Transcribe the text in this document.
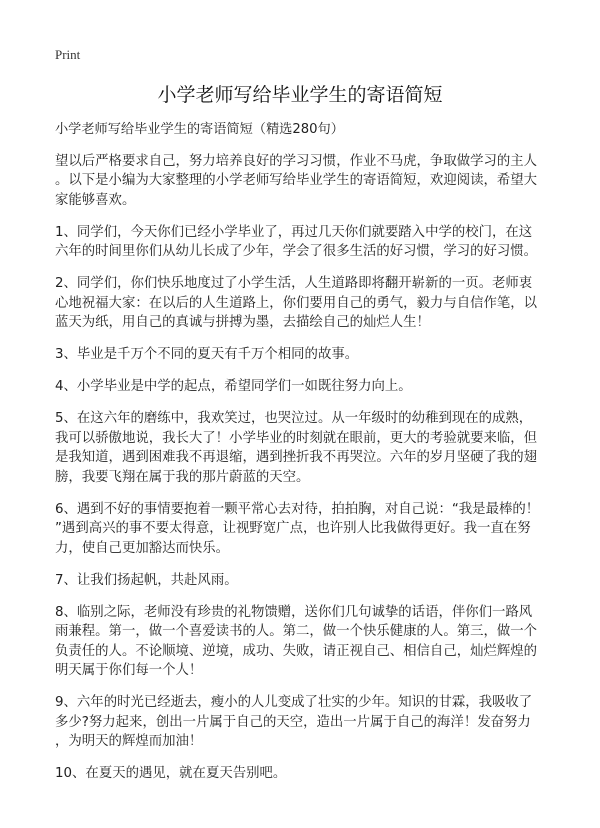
Print
小学老师写给毕业学生的寄语简短
小学老师写给毕业学生的寄语简短（精选280句）
望以后严格要求自己，努力培养良好的学习习惯，作业不马虎，争取做学习的主人
。以下是小编为大家整理的小学老师写给毕业学生的寄语简短，欢迎阅读，希望大
家能够喜欢。
1、同学们，今天你们已经小学毕业了，再过几天你们就要踏入中学的校门，在这
六年的时间里你们从幼儿长成了少年，学会了很多生活的好习惯，学习的好习惯。
2、同学们，你们快乐地度过了小学生活，人生道路即将翻开崭新的一页。老师衷
心地祝福大家：在以后的人生道路上，你们要用自己的勇气，毅力与自信作笔，以
蓝天为纸，用自己的真诚与拼搏为墨，去描绘自己的灿烂人生！
3、毕业是千万个不同的夏天有千万个相同的故事。
4、小学毕业是中学的起点，希望同学们一如既往努力向上。
5、在这六年的磨练中，我欢笑过，也哭泣过。从一年级时的幼稚到现在的成熟，
我可以骄傲地说，我长大了！小学毕业的时刻就在眼前，更大的考验就要来临，但
是我知道，遇到困难我不再退缩，遇到挫折我不再哭泣。六年的岁月坚硬了我的翅
膀，我要飞翔在属于我的那片蔚蓝的天空。
6、遇到不好的事情要抱着一颗平常心去对待，拍拍胸，对自己说：“我是最棒的！
”遇到高兴的事不要太得意，让视野宽广点，也许别人比我做得更好。我一直在努
力，使自己更加豁达而快乐。
7、让我们扬起帆，共赴风雨。
8、临别之际，老师没有珍贵的礼物馈赠，送你们几句诚挚的话语，伴你们一路风
雨兼程。第一，做一个喜爱读书的人。第二，做一个快乐健康的人。第三，做一个
负责任的人。不论顺境、逆境，成功、失败，请正视自己、相信自己，灿烂辉煌的
明天属于你们每一个人！
9、六年的时光已经逝去，瘦小的人儿变成了壮实的少年。知识的甘霖，我吸收了
多少?努力起来，创出一片属于自己的天空，造出一片属于自己的海洋！发奋努力
，为明天的辉煌而加油！
10、在夏天的遇见，就在夏天告别吧。
